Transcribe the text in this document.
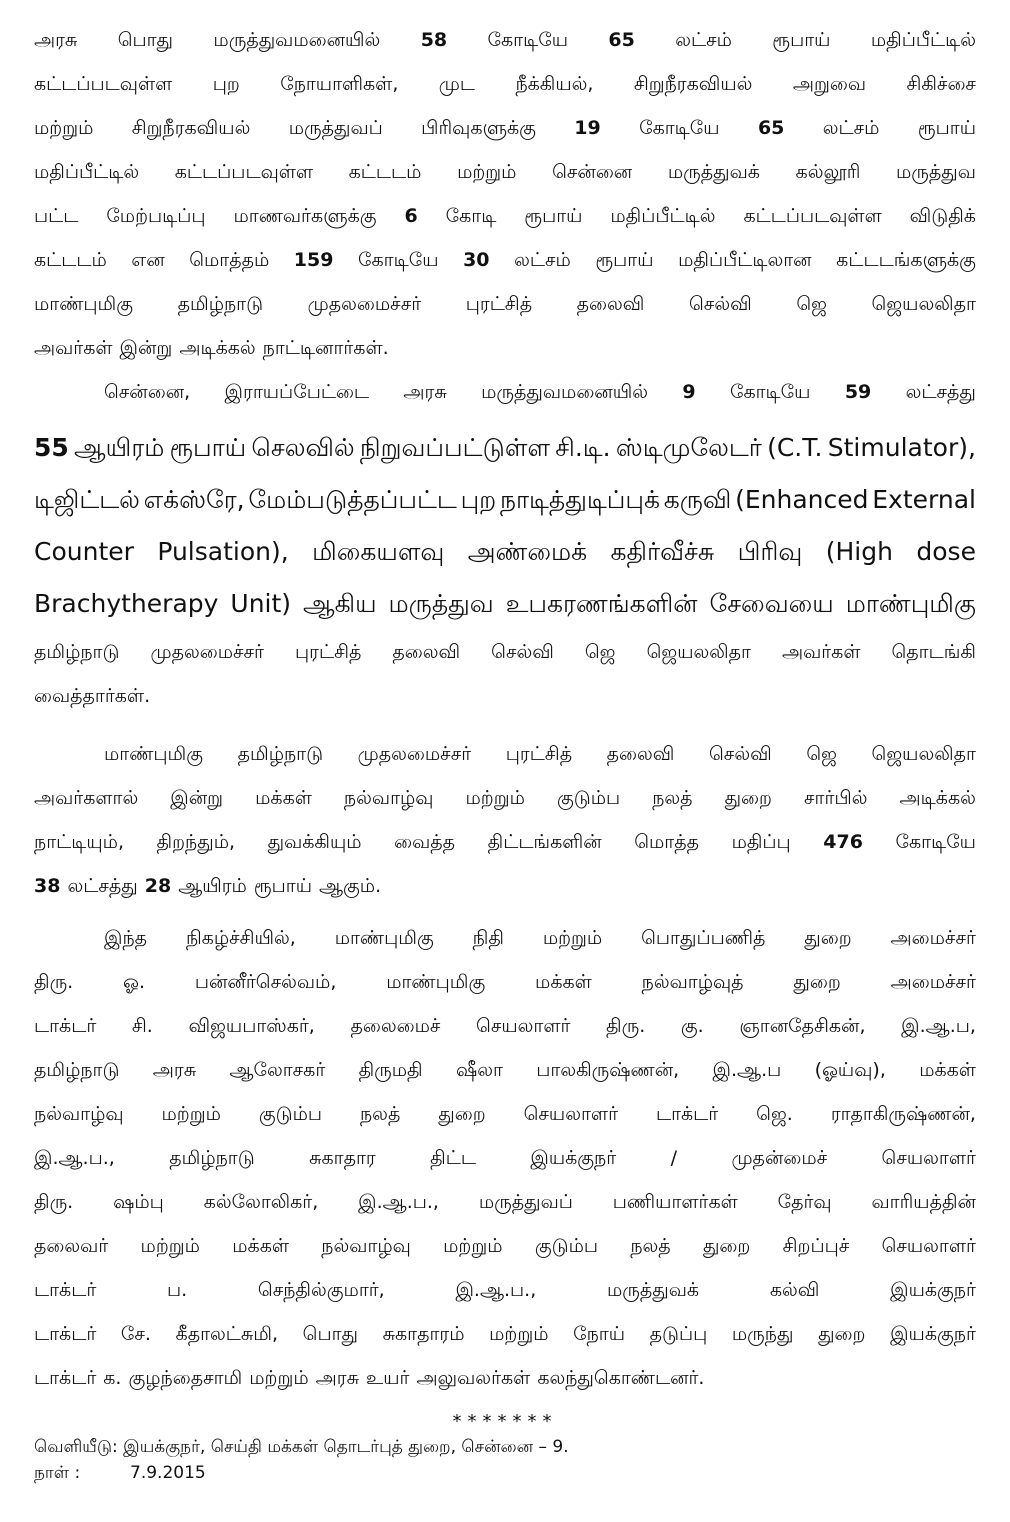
அரசு பொது மருத்துவமனையில் 58 கோடியே 65 லட்சம் ரூபாய் மதிப்பீட்டில்
கட்டப்படவுள்ள புற நோயாளிகள், முட நீக்கியல், சிறுநீரகவியல் அறுவை சிகிச்சை
மற்றும் சிறுநீரகவியல் மருத்துவப் பிரிவுகளுக்கு 19 கோடியே 65 லட்சம் ரூபாய்
மதிப்பீட்டில் கட்டப்படவுள்ள கட்டடம் மற்றும் சென்னை மருத்துவக் கல்லூரி மருத்துவ
பட்ட மேற்படிப்பு மாணவர்களுக்கு 6 கோடி ரூபாய் மதிப்பீட்டில் கட்டப்படவுள்ள விடுதிக்
கட்டடம் என மொத்தம் 159 கோடியே 30 லட்சம் ரூபாய் மதிப்பீட்டிலான கட்டடங்களுக்கு
மாண்புமிகு தமிழ்நாடு முதலமைச்சர் புரட்சித் தலைவி செல்வி ஜெ ஜெயலலிதா
அவர்கள் இன்று அடிக்கல் நாட்டினார்கள்.
சென்னை, இராயப்பேட்டை அரசு மருத்துவமனையில் 9 கோடியே 59 லட்சத்து
55 ஆயிரம் ரூபாய் செலவில் நிறுவப்பட்டுள்ள சி.டி. ஸ்டிமுலேடர் (C.T. Stimulator),
டிஜிட்டல் எக்ஸ்ரே, மேம்படுத்தப்பட்ட புற நாடித்துடிப்புக் கருவி (Enhanced External
Counter Pulsation), மிகையளவு அண்மைக் கதிர்வீச்சு பிரிவு (High dose
Brachytherapy Unit) ஆகிய மருத்துவ உபகரணங்களின் சேவையை மாண்புமிகு
தமிழ்நாடு முதலமைச்சர் புரட்சித் தலைவி செல்வி ஜெ ஜெயலலிதா அவர்கள் தொடங்கி
வைத்தார்கள்.
மாண்புமிகு தமிழ்நாடு முதலமைச்சர் புரட்சித் தலைவி செல்வி ஜெ ஜெயலலிதா
அவர்களால் இன்று மக்கள் நல்வாழ்வு மற்றும் குடும்ப நலத் துறை சார்பில் அடிக்கல்
நாட்டியும், திறந்தும், துவக்கியும் வைத்த திட்டங்களின் மொத்த மதிப்பு 476 கோடியே
38 லட்சத்து 28 ஆயிரம் ரூபாய் ஆகும்.
இந்த நிகழ்ச்சியில், மாண்புமிகு நிதி மற்றும் பொதுப்பணித் துறை அமைச்சர்
திரு.	ஓ.	பன்னீர்செல்வம்,	மாண்புமிகு	மக்கள்	நல்வாழ்வுத்	துறை	அமைச்சர்
டாக்டர் சி. விஜயபாஸ்கர், தலைமைச் செயலாளர் திரு. கு. ஞானதேசிகன், இ.ஆ.ப,
தமிழ்நாடு அரசு ஆலோசகர் திருமதி ஷீலா பாலகிருஷ்ணன், இ.ஆ.ப (ஓய்வு), மக்கள்
நல்வாழ்வு மற்றும் குடும்ப நலத் துறை செயலாளர் டாக்டர் ஜெ. ராதாகிருஷ்ணன்,
இ.ஆ.ப.,	தமிழ்நாடு	சுகாதார	திட்ட	இயக்குநர்	/	முதன்மைச்	செயலாளர்
திரு. ஷம்பு கல்லோலிகர், இ.ஆ.ப., மருத்துவப் பணியாளர்கள் தேர்வு வாரியத்தின்
தலைவர் மற்றும் மக்கள் நல்வாழ்வு மற்றும் குடும்ப நலத் துறை சிறப்புச் செயலாளர்
டாக்டர்	ப.	செந்தில்குமார்,	இ.ஆ.ப.,	மருத்துவக்	கல்வி	இயக்குநர்
டாக்டர் சே. கீதாலட்சுமி, பொது சுகாதாரம் மற்றும் நோய் தடுப்பு மருந்து துறை இயக்குநர்
டாக்டர் க. குழந்தைசாமி மற்றும் அரசு உயர் அலுவலர்கள் கலந்துகொண்டனர்.
*******
வெளியீடு: இயக்குநர், செய்தி மக்கள் தொடர்புத் துறை, சென்னை – 9.
நாள் :	7.9.2015
